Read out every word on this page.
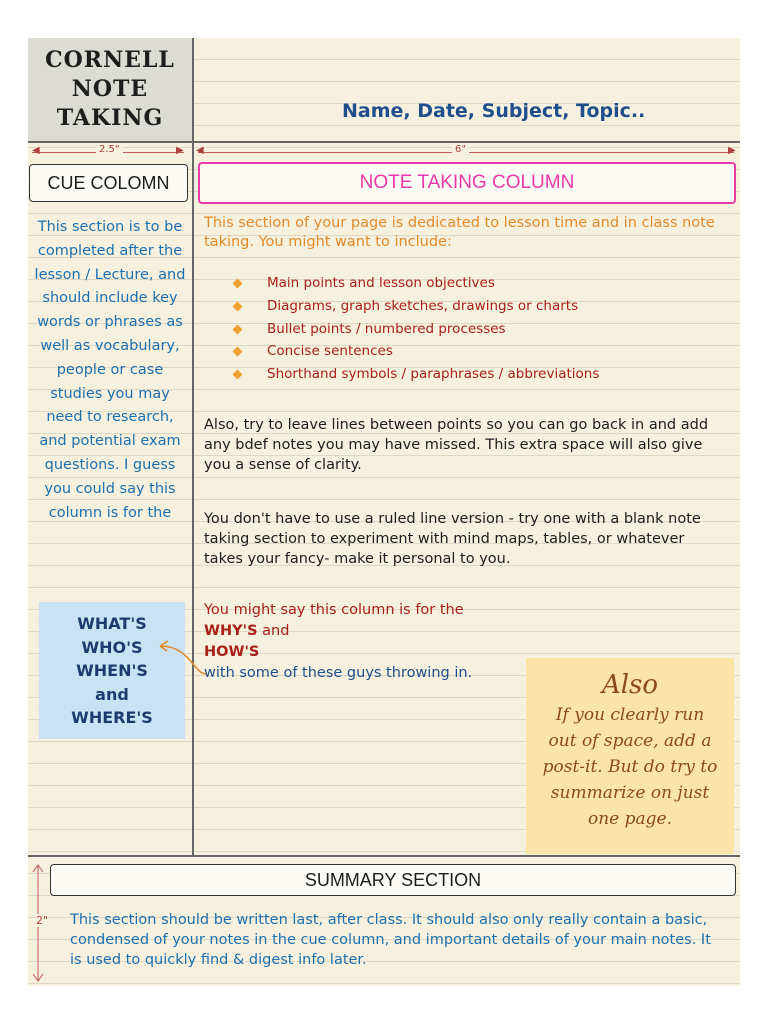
CORNELL
NOTE
TAKING	Name, Date, Subject, Topic..
◀	▶
2.5"	◀	▶
6"
CUE COLOMN	NOTE TAKING COLUMN
This section is to be completed after the lesson / Lecture, and should include key words or phrases as well as vocabulary, people or case studies you may need to research, and potential exam questions. I guess you could say this column is for the
WHAT'S
WHO'S
WHEN'S
and
WHERE'S
This section of your page is dedicated to lesson time and in class note taking. You might want to include:
Main points and lesson objectives
Diagrams, graph sketches, drawings or charts
Bullet points / numbered processes
Concise sentences
Shorthand symbols / paraphrases / abbreviations
Also, try to leave lines between points so you can go back in and add any bdef notes you may have missed. This extra space will also give you a sense of clarity.
You don't have to use a ruled line version - try one with a blank note taking section to experiment with mind maps, tables, or whatever takes your fancy- make it personal to you.
You might say this column is for the
WHY'S and
HOW'S
with some of these guys throwing in.	Also
If you clearly run out of space, add a post-it. But do try to summarize on just one page.
2"
SUMMARY SECTION
This section should be written last, after class. It should also only really contain a basic, condensed of your notes in the cue column, and important details of your main notes. It is used to quickly find & digest info later.
